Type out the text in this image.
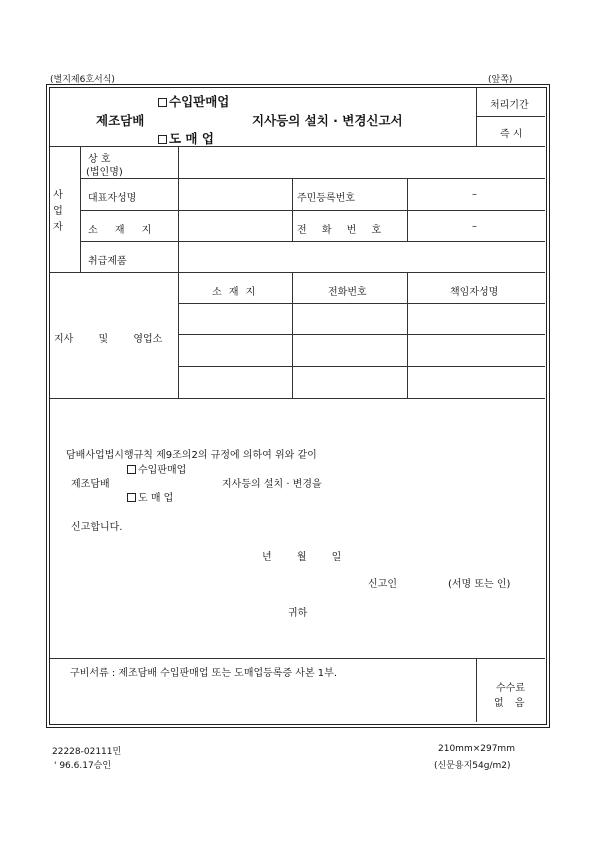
(별지제6호서식)	(앞쪽)
수입판매업
제조담배	지사등의 설치 · 변경신고서
도 매 업
처리기간
즉 시
사 업 자
상 호
(법인명)
대표자성명	주민등록번호	–
소 재 지	전 화 번 호	–
취급제품
지사 및 영업소
소 재 지	전화번호	책임자성명
담배사업법시행규칙 제9조의2의 규정에 의하여 위와 같이
수입판매업
제조담배	지사등의 설치 · 변경을
도 매 업
신고합니다.
년 월 일
신고인	(서명 또는 인)
귀하
구비서류 : 제조담배 수입판매업 또는 도매업등록증 사본 1부.
수수료
없 음
22228-02111민
' 96.6.17승인
210mm×297mm
(신문용지54g/m2)
